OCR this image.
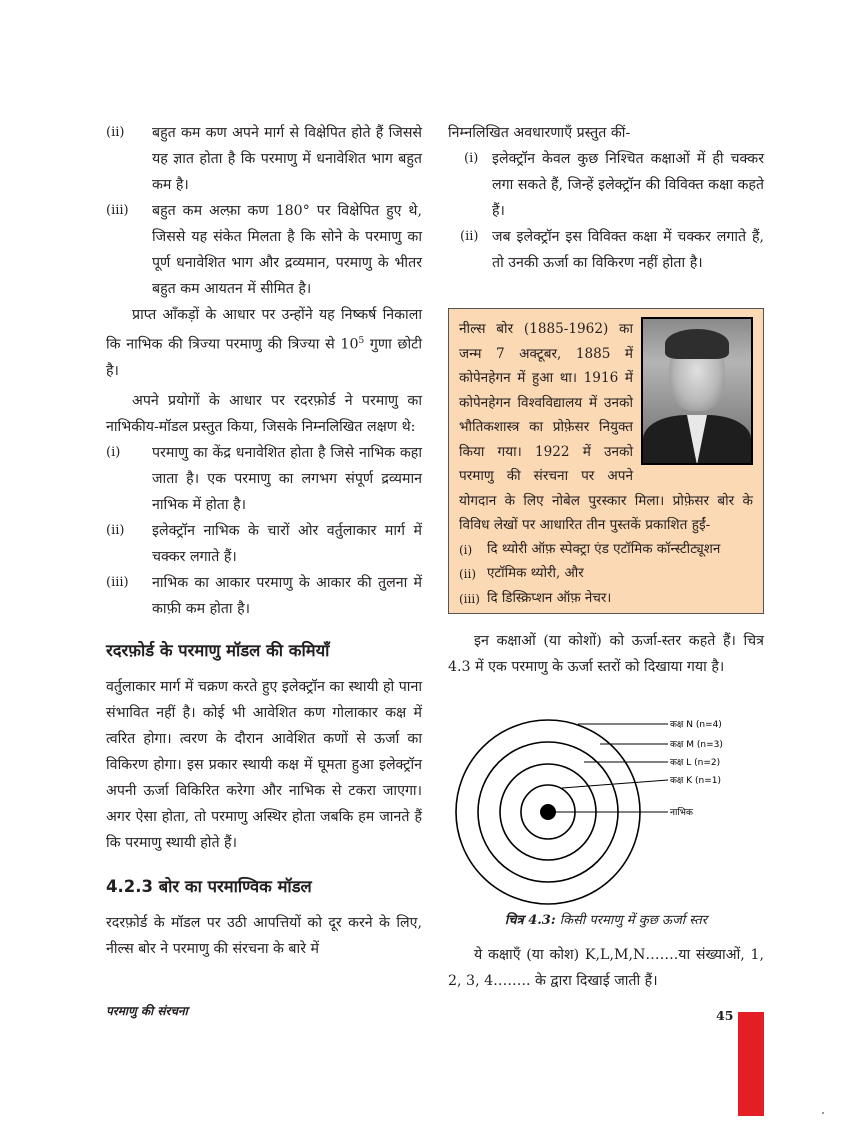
(ii)	बहुत कम कण अपने मार्ग से विक्षेपित होते हैं जिससे यह ज्ञात होता है कि परमाणु में धनावेशित भाग बहुत कम है।
(iii)	बहुत कम अल्फ़ा कण 180° पर विक्षेपित हुए थे, जिससे यह संकेत मिलता है कि सोने के परमाणु का पूर्ण धनावेशित भाग और द्रव्यमान, परमाणु के भीतर बहुत कम आयतन में सीमित है।

प्राप्त आँकड़ों के आधार पर उन्होंने यह निष्कर्ष निकाला कि नाभिक की त्रिज्या परमाणु की त्रिज्या से $10^5$ गुणा छोटी है।

अपने प्रयोगों के आधार पर रदरफ़ोर्ड ने परमाणु का नाभिकीय-मॉडल प्रस्तुत किया, जिसके निम्नलिखित लक्षण थे:

(i)	परमाणु का केंद्र धनावेशित होता है जिसे नाभिक कहा जाता है। एक परमाणु का लगभग संपूर्ण द्रव्यमान नाभिक में होता है।
(ii)	इलेक्ट्रॉन नाभिक के चारों ओर वर्तुलाकार मार्ग में चक्कर लगाते हैं।
(iii)	नाभिक का आकार परमाणु के आकार की तुलना में काफ़ी कम होता है।
रदरफ़ोर्ड के परमाणु मॉडल की कमियाँ

वर्तुलाकार मार्ग में चक्रण करते हुए इलेक्ट्रॉन का स्थायी हो पाना संभावित नहीं है। कोई भी आवेशित कण गोलाकार कक्ष में त्वरित होगा। त्वरण के दौरान आवेशित कणों से ऊर्जा का विकिरण होगा। इस प्रकार स्थायी कक्ष में घूमता हुआ इलेक्ट्रॉन अपनी ऊर्जा विकिरित करेगा और नाभिक से टकरा जाएगा। अगर ऐसा होता, तो परमाणु अस्थिर होता जबकि हम जानते हैं कि परमाणु स्थायी होते हैं।

4.2.3 बोर का परमाण्विक मॉडल

रदरफ़ोर्ड के मॉडल पर उठी आपत्तियों को दूर करने के लिए, नील्स बोर ने परमाणु की संरचना के बारे में

निम्नलिखित अवधारणाएँ प्रस्तुत कीं-

(i) इलेक्ट्रॉन केवल कुछ निश्चित कक्षाओं में ही चक्कर लगा सकते हैं, जिन्हें इलेक्ट्रॉन की विविक्त कक्षा कहते हैं।
(ii) जब इलेक्ट्रॉन इस विविक्त कक्षा में चक्कर लगाते हैं, तो उनकी ऊर्जा का विकिरण नहीं होता है।

नील्स बोर (1885-1962) का जन्म 7 अक्टूबर, 1885 में कोपेनहेगन में हुआ था। 1916 में कोपेनहेगन विश्वविद्यालय में उनको भौतिकशास्त्र का प्रोफ़ेसर नियुक्त किया गया। 1922 में उनको परमाणु की संरचना पर अपने योगदान के लिए नोबेल पुरस्कार मिला। प्रोफ़ेसर बोर के विविध लेखों पर आधारित तीन पुस्तकें प्रकाशित हुईं-

(i)	दि थ्योरी ऑफ़ स्पेक्ट्रा एंड एटॉमिक कॉन्स्टीट्यूशन
(ii) एटॉमिक थ्योरी, और
(iii) दि डिस्क्रिप्शन ऑफ़ नेचर।

इन कक्षाओं (या कोशों) को ऊर्जा-स्तर कहते हैं। चित्र 4.3 में एक परमाणु के ऊर्जा स्तरों को दिखाया गया है।

कक्ष N (n=4)
कक्ष M (n=3)
कक्ष L (n=2)
कक्ष K (n=1)
नाभिक
चित्र 4.3: किसी परमाणु में कुछ ऊर्जा स्तर

ये कक्षाएँ (या कोश) K,L,M,N…….या संख्याओं, 1, 2, 3, 4…….. के द्वारा दिखाई जाती हैं।

परमाणु की संरचना	45
